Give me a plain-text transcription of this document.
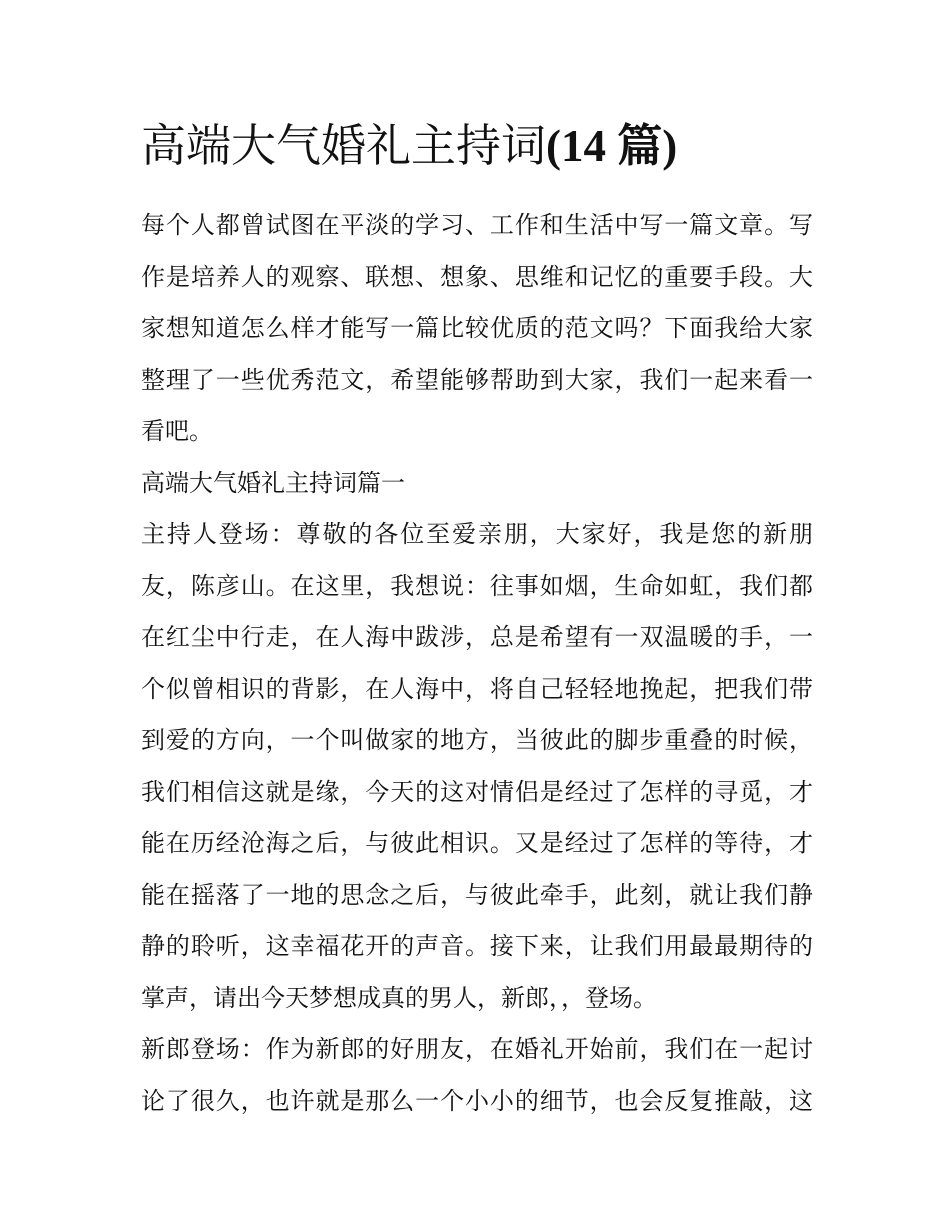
高端大气婚礼主持词(14 篇)
每个人都曾试图在平淡的学习、工作和生活中写一篇文章。写
作是培养人的观察、联想、想象、思维和记忆的重要手段。大
家想知道怎么样才能写一篇比较优质的范文吗？下面我给大家
整理了一些优秀范文，希望能够帮助到大家，我们一起来看一
看吧。
高端大气婚礼主持词篇一
主持人登场：尊敬的各位至爱亲朋，大家好，我是您的新朋
友，陈彦山。在这里，我想说：往事如烟，生命如虹，我们都
在红尘中行走，在人海中跋涉，总是希望有一双温暖的手，一
个似曾相识的背影，在人海中，将自己轻轻地挽起，把我们带
到爱的方向，一个叫做家的地方，当彼此的脚步重叠的时候，
我们相信这就是缘，今天的这对情侣是经过了怎样的寻觅，才
能在历经沧海之后，与彼此相识。又是经过了怎样的等待，才
能在摇落了一地的思念之后，与彼此牵手，此刻，就让我们静
静的聆听，这幸福花开的声音。接下来，让我们用最最期待的
掌声，请出今天梦想成真的男人，新郎，，登场。
新郎登场：作为新郎的好朋友，在婚礼开始前，我们在一起讨
论了很久，也许就是那么一个小小的细节，也会反复推敲，这
